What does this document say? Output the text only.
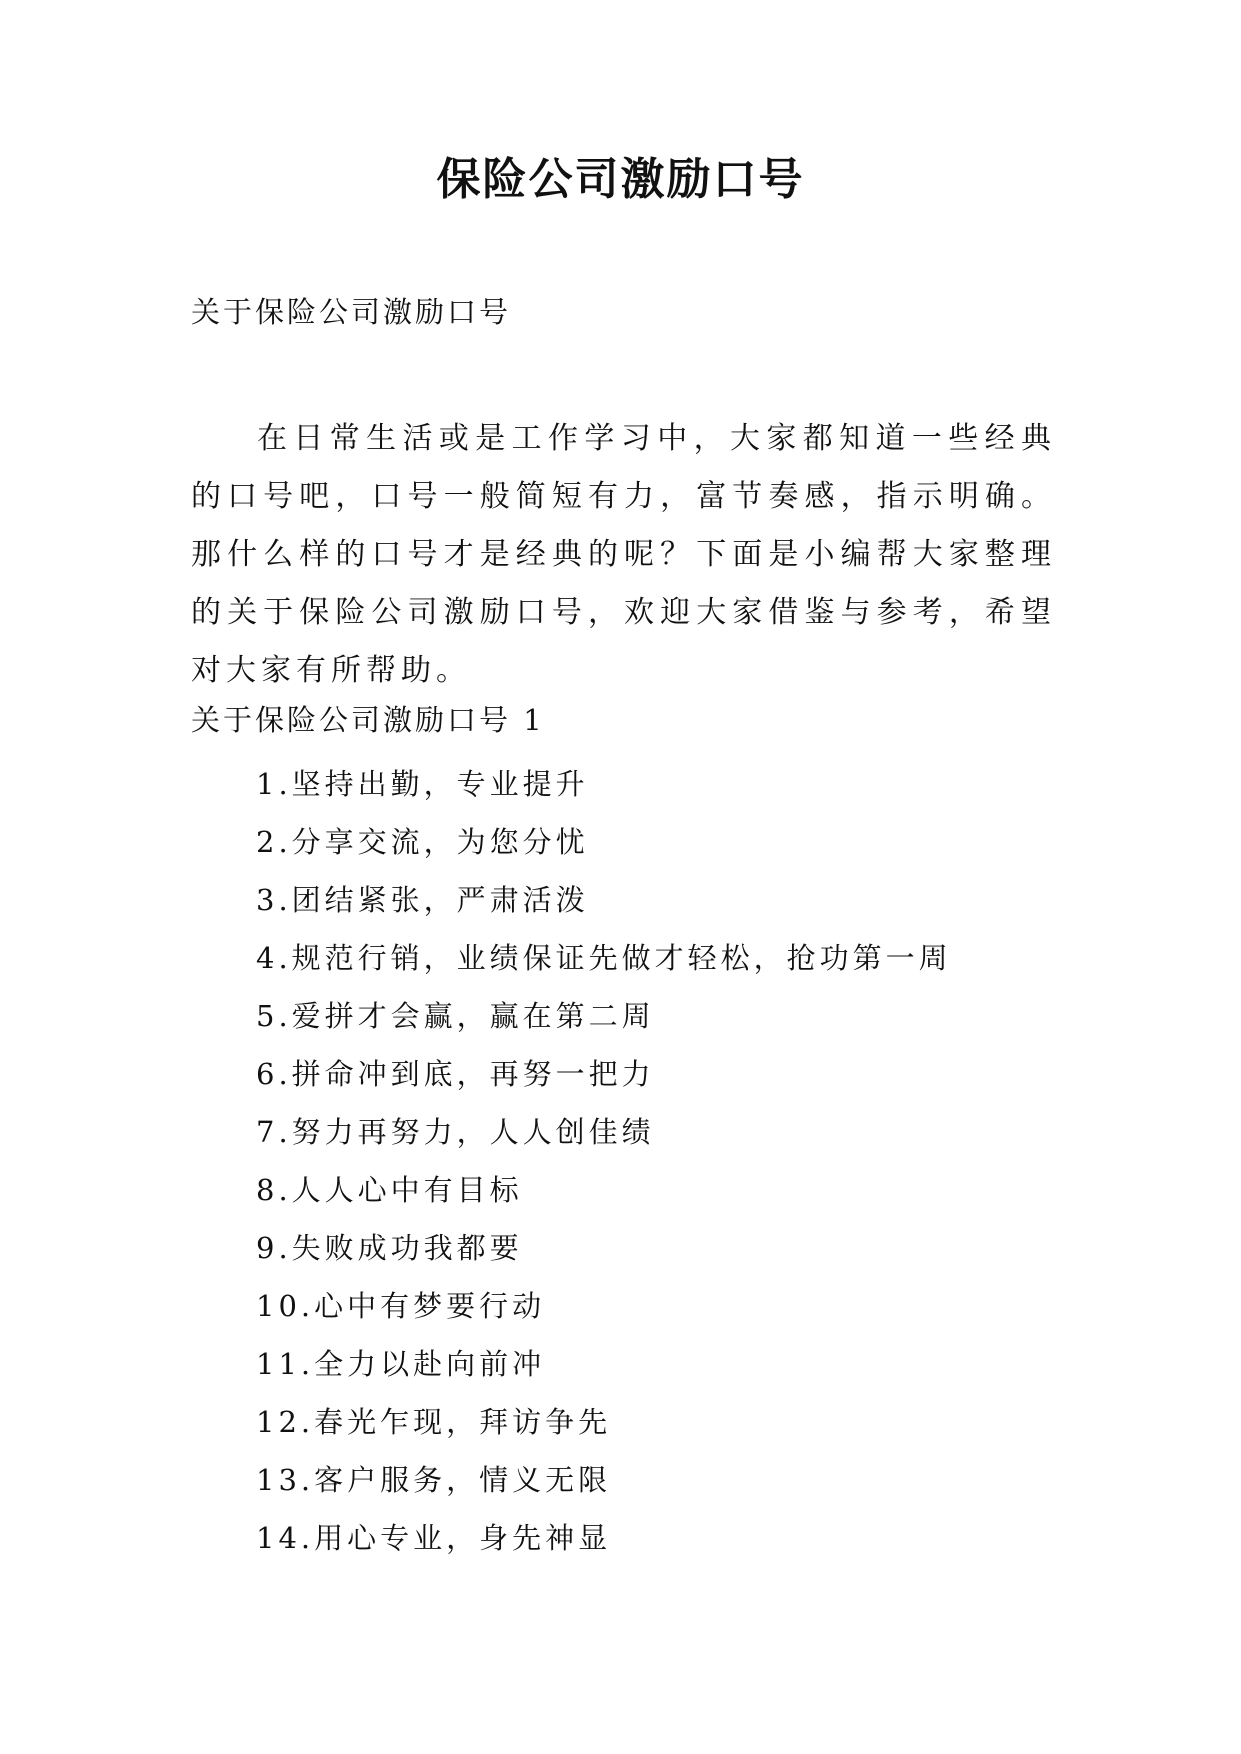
保险公司激励口号

关于保险公司激励口号

在日常生活或是工作学习中，大家都知道一些经典的口号吧，口号一般简短有力，富节奏感，指示明确。那什么样的口号才是经典的呢？下面是小编帮大家整理的关于保险公司激励口号，欢迎大家借鉴与参考，希望对大家有所帮助。

关于保险公司激励口号 1

1.坚持出勤，专业提升
2.分享交流，为您分忧
3.团结紧张，严肃活泼
4.规范行销，业绩保证先做才轻松，抢功第一周
5.爱拼才会赢，赢在第二周
6.拼命冲到底，再努一把力
7.努力再努力，人人创佳绩
8.人人心中有目标
9.失败成功我都要
10.心中有梦要行动
11.全力以赴向前冲
12.春光乍现，拜访争先
13.客户服务，情义无限
14.用心专业，身先神显
